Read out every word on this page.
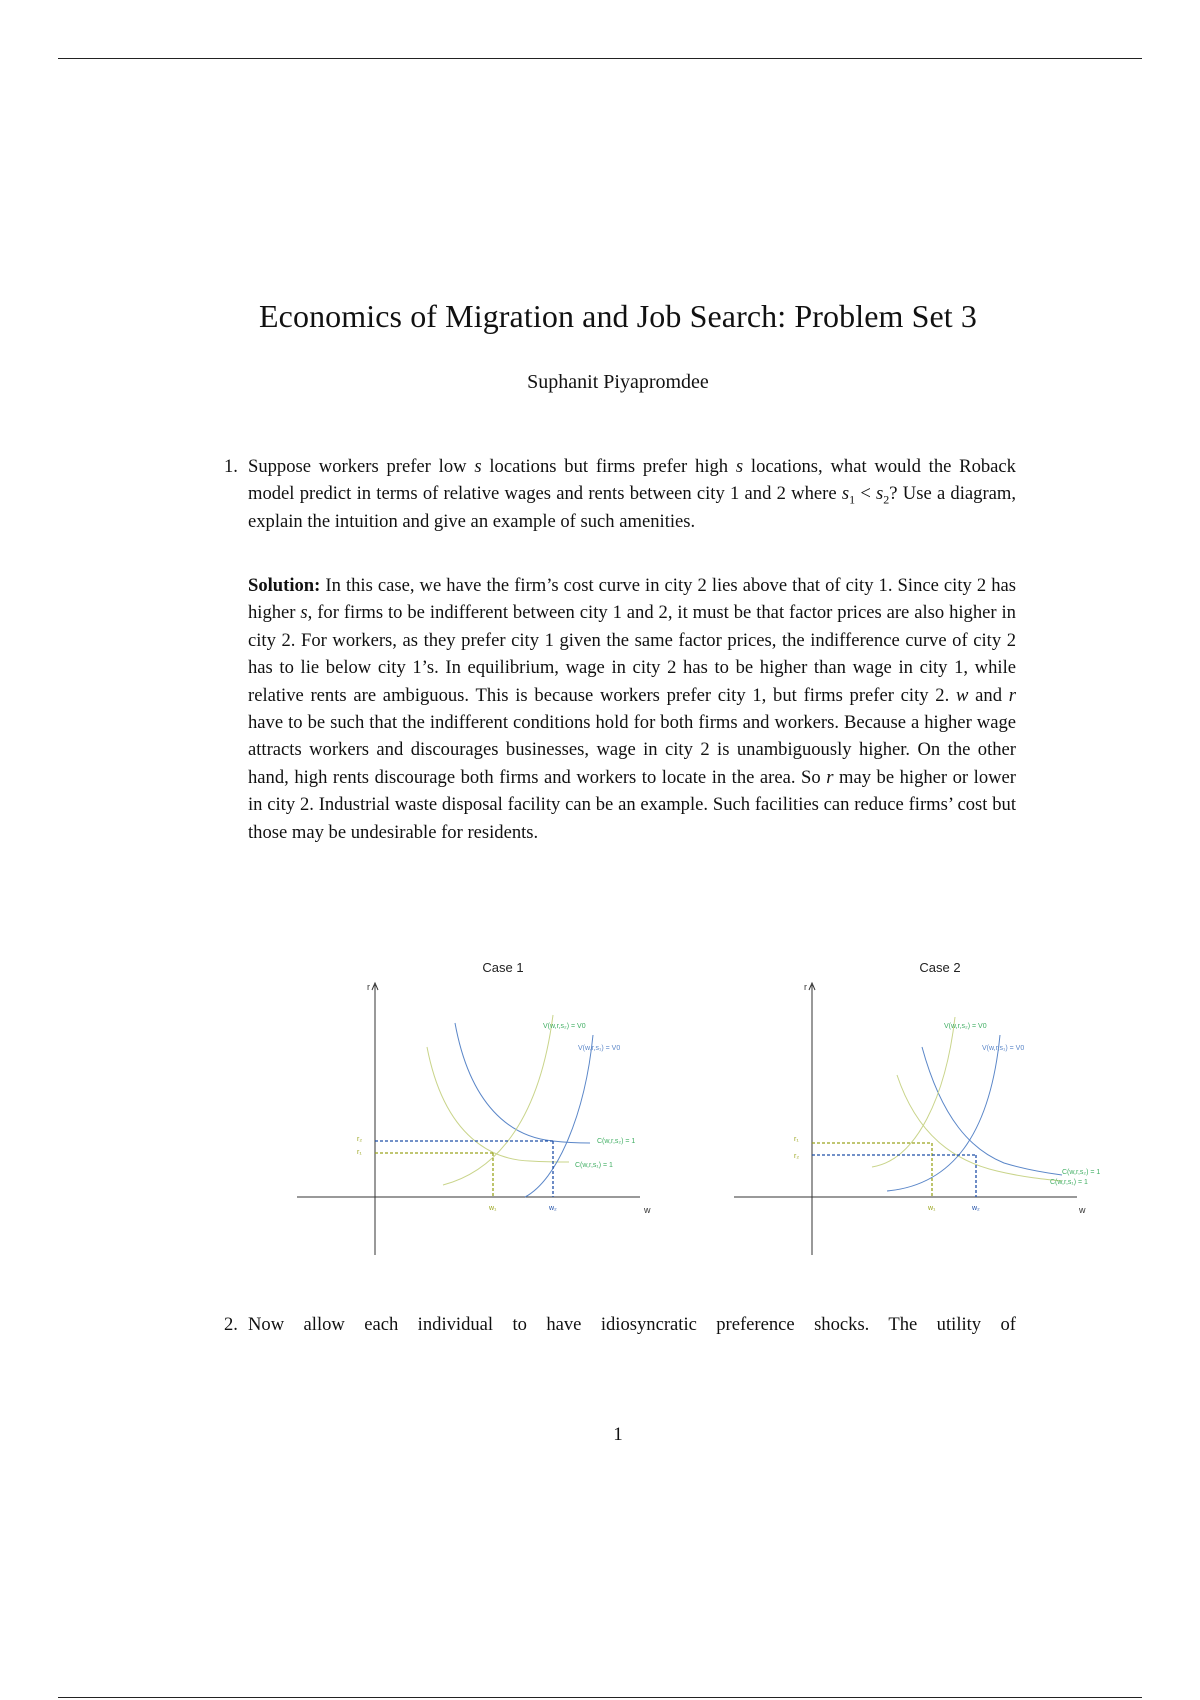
Economics of Migration and Job Search: Problem Set 3
Suphanit Piyapromdee
1. Suppose workers prefer low s locations but firms prefer high s locations, what would the Roback model predict in terms of relative wages and rents between city 1 and 2 where $s_1 < s_2$? Use a diagram, explain the intuition and give an example of such amenities.

Solution: In this case, we have the firm’s cost curve in city 2 lies above that of city 1. Since city 2 has higher s, for firms to be indifferent between city 1 and 2, it must be that factor prices are also higher in city 2. For workers, as they prefer city 1 given the same factor prices, the indifference curve of city 2 has to lie below city 1’s. In equilibrium, wage in city 2 has to be higher than wage in city 1, while relative rents are ambiguous. This is because workers prefer city 1, but firms prefer city 2. w and r have to be such that the indifferent conditions hold for both firms and workers. Because a higher wage attracts workers and discourages businesses, wage in city 2 is unambiguously higher. On the other hand, high rents discourage both firms and workers to locate in the area. So r may be higher or lower in city 2. Industrial waste disposal facility can be an example. Such facilities can reduce firms’ cost but those may be undesirable for residents.

Case 1
r
w
V(w,r,s₂) = V0
V(w,r,s₁) = V0
C(w,r,s₂) = 1
C(w,r,s₁) = 1
r₂
r₁
w₁	w₂
Case 2
r
w
V(w,r,s₂) = V0
V(w,r,s₁) = V0
C(w,r,s₂) = 1
C(w,r,s₁) = 1
r₁
r₂
w₁	w₂
2. Now allow each individual to have idiosyncratic preference shocks. The utility of

1
